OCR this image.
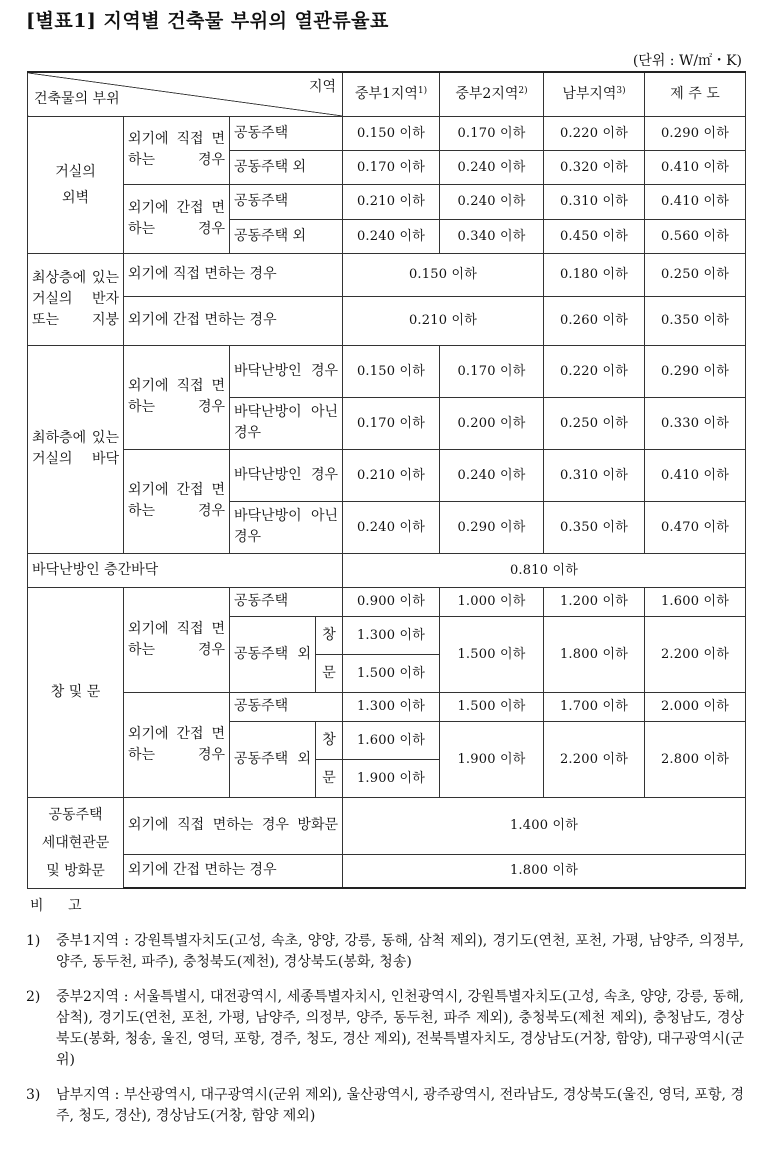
[별표1] 지역별 건축물 부위의 열관류율표
(단위 : W/㎡・K)
지역
건축물의 부위				중부1지역$^{1)}$	중부2지역$^{2)}$	남부지역$^{3)}$	제 주 도

거실의 외벽	외기에 직접 면하는 경우	공동주택		0.150 이하	0.170 이하	0.220 이하	0.290 이하
		공동주택 외		0.170 이하	0.240 이하	0.320 이하	0.410 이하
	외기에 간접 면하는 경우	공동주택		0.210 이하	0.240 이하	0.310 이하	0.410 이하
		공동주택 외		0.240 이하	0.340 이하	0.450 이하	0.560 이하
최상층에 있는 거실의 반자 또는 지붕	외기에 직접 면하는 경우			0.150 이하		0.180 이하	0.250 이하
	외기에 간접 면하는 경우			0.210 이하		0.260 이하	0.350 이하
최하층에 있는 거실의 바닥	외기에 직접 면하는 경우	바닥난방인 경우		0.150 이하	0.170 이하	0.220 이하	0.290 이하
		바닥난방이 아닌 경우		0.170 이하	0.200 이하	0.250 이하	0.330 이하
	외기에 간접 면하는 경우	바닥난방인 경우		0.210 이하	0.240 이하	0.310 이하	0.410 이하
		바닥난방이 아닌 경우		0.240 이하	0.290 이하	0.350 이하	0.470 이하
바닥난방인 층간바닥				0.810 이하			
창 및 문	외기에 직접 면하는 경우	공동주택		0.900 이하	1.000 이하	1.200 이하	1.600 이하
		공동주택 외	창	1.300 이하	1.500 이하	1.800 이하	2.200 이하
			문	1.500 이하			
	외기에 간접 면하는 경우	공동주택		1.300 이하	1.500 이하	1.700 이하	2.000 이하
		공동주택 외	창	1.600 이하	1.900 이하	2.200 이하	2.800 이하
			문	1.900 이하			

공동주택
세대현관문
및 방화문	외기에 직접 면하는 경우 방화문			1.400 이하			
	외기에 간접 면하는 경우			1.800 이하			
비 고
1)	중부1지역 : 강원특별자치도(고성, 속초, 양양, 강릉, 동해, 삼척 제외), 경기도(연천, 포천, 가평, 남양주, 의정부, 양주, 동두천, 파주), 충청북도(제천), 경상북도(봉화, 청송)
2)	중부2지역 : 서울특별시, 대전광역시, 세종특별자치시, 인천광역시, 강원특별자치도(고성, 속초, 양양, 강릉, 동해, 삼척), 경기도(연천, 포천, 가평, 남양주, 의정부, 양주, 동두천, 파주 제외), 충청북도(제천 제외), 충청남도, 경상북도(봉화, 청송, 울진, 영덕, 포항, 경주, 청도, 경산 제외), 전북특별자치도, 경상남도(거창, 함양), 대구광역시(군위)
3)	남부지역 : 부산광역시, 대구광역시(군위 제외), 울산광역시, 광주광역시, 전라남도, 경상북도(울진, 영덕, 포항, 경주, 청도, 경산), 경상남도(거창, 함양 제외)
